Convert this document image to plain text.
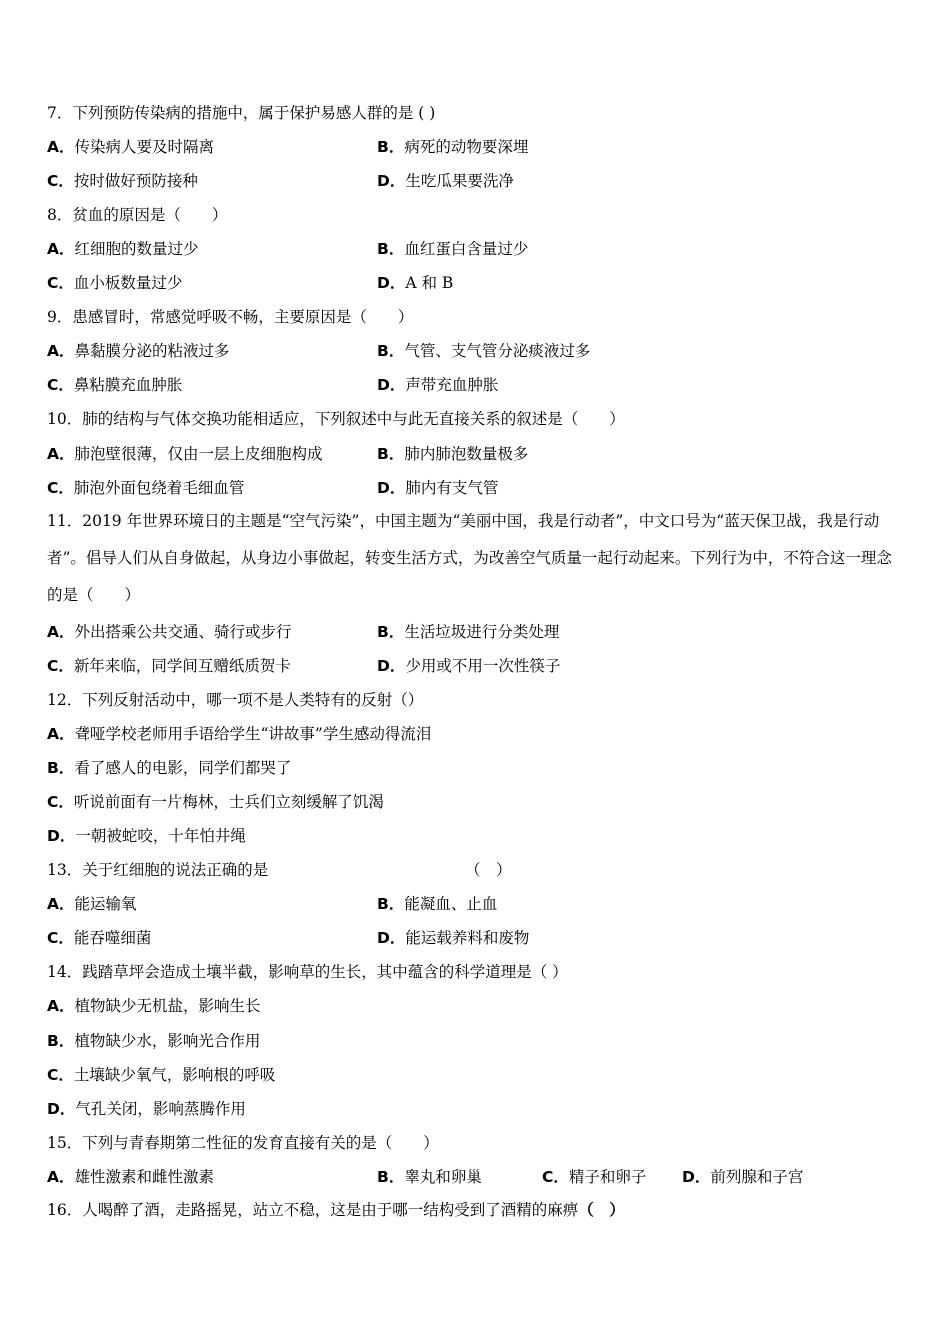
7．下列预防传染病的措施中，属于保护易感人群的是 ( )
A．传染病人要及时隔离	B．病死的动物要深埋
C．按时做好预防接种	D．生吃瓜果要洗净
8．贫血的原因是（　　）
A．红细胞的数量过少	B．血红蛋白含量过少
C．血小板数量过少	D．A 和 B
9．患感冒时，常感觉呼吸不畅，主要原因是（　　）
A．鼻黏膜分泌的粘液过多	B．气管、支气管分泌痰液过多
C．鼻粘膜充血肿胀	D．声带充血肿胀
10．肺的结构与气体交换功能相适应，下列叙述中与此无直接关系的叙述是（　　）
A．肺泡壁很薄，仅由一层上皮细胞构成	B．肺内肺泡数量极多
C．肺泡外面包绕着毛细血管	D．肺内有支气管
11．2019 年世界环境日的主题是“空气污染”，中国主题为“美丽中国，我是行动者”，中文口号为“蓝天保卫战，我是行动者”。倡导人们从自身做起，从身边小事做起，转变生活方式，为改善空气质量一起行动起来。下列行为中，不符合这一理念的是（　　）
A．外出搭乘公共交通、骑行或步行	B．生活垃圾进行分类处理
C．新年来临，同学间互赠纸质贺卡	D．少用或不用一次性筷子
12．下列反射活动中，哪一项不是人类特有的反射（）
A．聋哑学校老师用手语给学生“讲故事”学生感动得流泪
B．看了感人的电影，同学们都哭了
C．听说前面有一片梅林，士兵们立刻缓解了饥渴
D．一朝被蛇咬，十年怕井绳
13．关于红细胞的说法正确的是	（　）
A．能运输氧	B．能凝血、止血
C．能吞噬细菌	D．能运载养料和废物
14．践踏草坪会造成土壤半截，影响草的生长，其中蕴含的科学道理是（ ）
A．植物缺少无机盐，影响生长
B．植物缺少水，影响光合作用
C．土壤缺少氧气，影响根的呼吸
D．气孔关闭，影响蒸腾作用
15．下列与青春期第二性征的发育直接有关的是（　　）
A．雄性激素和雌性激素	B．睾丸和卵巢	C．精子和卵子 D．前列腺和子宫
16．人喝醉了酒，走路摇晃，站立不稳，这是由于哪一结构受到了酒精的麻痹（　）
